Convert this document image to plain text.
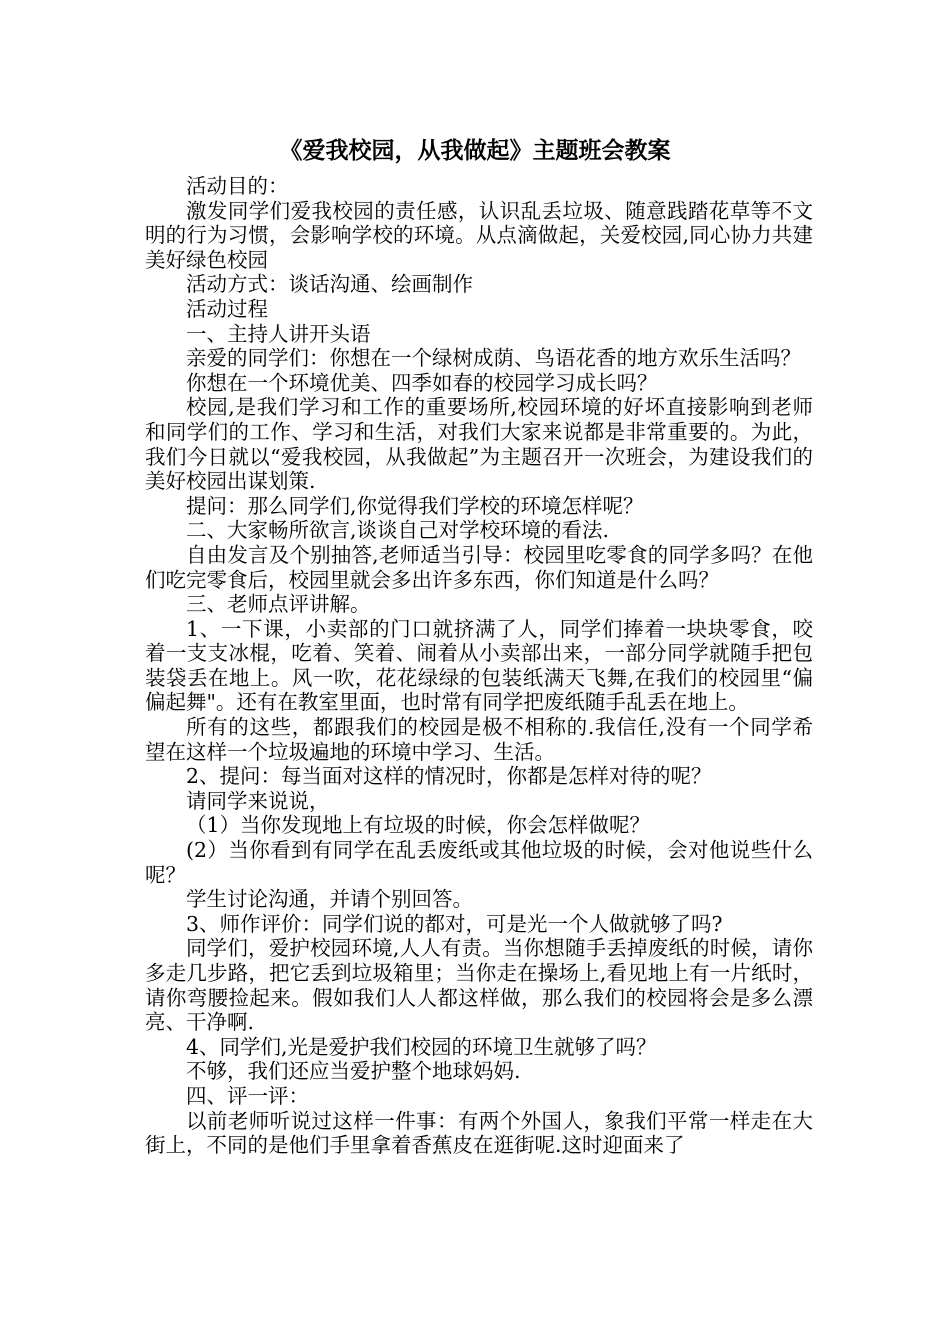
《爱我校园，从我做起》主题班会教案

活动目的：

激发同学们爱我校园的责任感，认识乱丢垃圾、随意践踏花草等不文明的行为习惯，会影响学校的环境。从点滴做起，关爱校园,同心协力共建美好绿色校园

活动方式：谈话沟通、绘画制作

活动过程

一、主持人讲开头语

亲爱的同学们：你想在一个绿树成荫、鸟语花香的地方欢乐生活吗？

你想在一个环境优美、四季如春的校园学习成长吗？

校园,是我们学习和工作的重要场所,校园环境的好坏直接影响到老师和同学们的工作、学习和生活，对我们大家来说都是非常重要的。为此，我们今日就以“爱我校园，从我做起”为主题召开一次班会，为建设我们的美好校园出谋划策.

提问：那么同学们,你觉得我们学校的环境怎样呢？

二、大家畅所欲言,谈谈自己对学校环境的看法.

自由发言及个别抽答,老师适当引导：校园里吃零食的同学多吗？在他们吃完零食后，校园里就会多出许多东西，你们知道是什么吗？

三、老师点评讲解。

1、一下课，小卖部的门口就挤满了人，同学们捧着一块块零食，咬着一支支冰棍，吃着、笑着、闹着从小卖部出来，一部分同学就随手把包装袋丢在地上。风一吹，花花绿绿的包装纸满天飞舞,在我们的校园里“偏偏起舞"。还有在教室里面，也时常有同学把废纸随手乱丢在地上。

所有的这些，都跟我们的校园是极不相称的.我信任,没有一个同学希望在这样一个垃圾遍地的环境中学习、生活。

2、提问：每当面对这样的情况时，你都是怎样对待的呢？

请同学来说说，

（1）当你发现地上有垃圾的时候，你会怎样做呢？

(2）当你看到有同学在乱丢废纸或其他垃圾的时候，会对他说些什么呢？

学生讨论沟通，并请个别回答。

3、师作评价：同学们说的都对，可是光一个人做就够了吗?

同学们，爱护校园环境,人人有责。当你想随手丢掉废纸的时候，请你多走几步路，把它丢到垃圾箱里；当你走在操场上,看见地上有一片纸时，请你弯腰捡起来。假如我们人人都这样做，那么我们的校园将会是多么漂亮、干净啊.

4、同学们,光是爱护我们校园的环境卫生就够了吗？

不够，我们还应当爱护整个地球妈妈.

四、评一评：

以前老师听说过这样一件事：有两个外国人，象我们平常一样走在大街上，不同的是他们手里拿着香蕉皮在逛街呢.这时迎面来了
